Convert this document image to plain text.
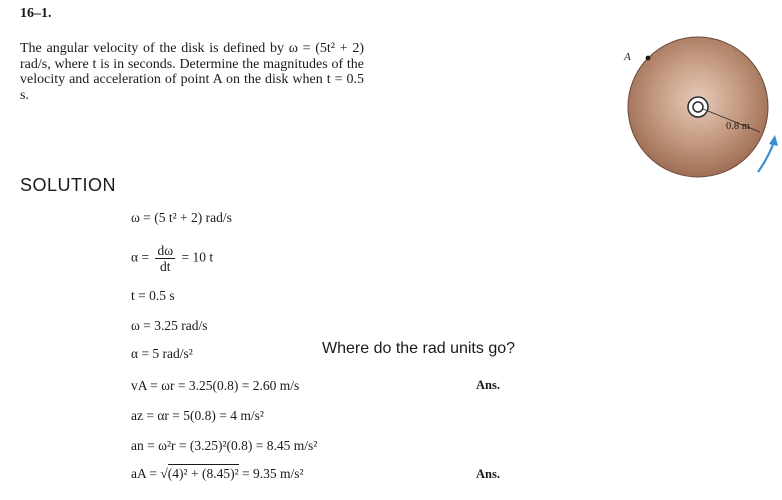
16–1.
The angular velocity of the disk is defined by ω = (5t² + 2) rad/s, where t is in seconds. Determine the magnitudes of the velocity and acceleration of point A on the disk when t = 0.5 s.
A
0.8 m
SOLUTION
ω = (5 t² + 2) rad/s
$\alpha = \frac{d\omega}{dt} = 10$ t
t = 0.5 s
ω = 3.25 rad/s
α = 5 rad/s²	Where do the rad units go?
vA = ωr = 3.25(0.8) = 2.60 m/s	Ans.
az = αr = 5(0.8) = 4 m/s²
an = ω²r = (3.25)²(0.8) = 8.45 m/s²
aA = √(4)² + (8.45)² = 9.35 m/s²	Ans.
